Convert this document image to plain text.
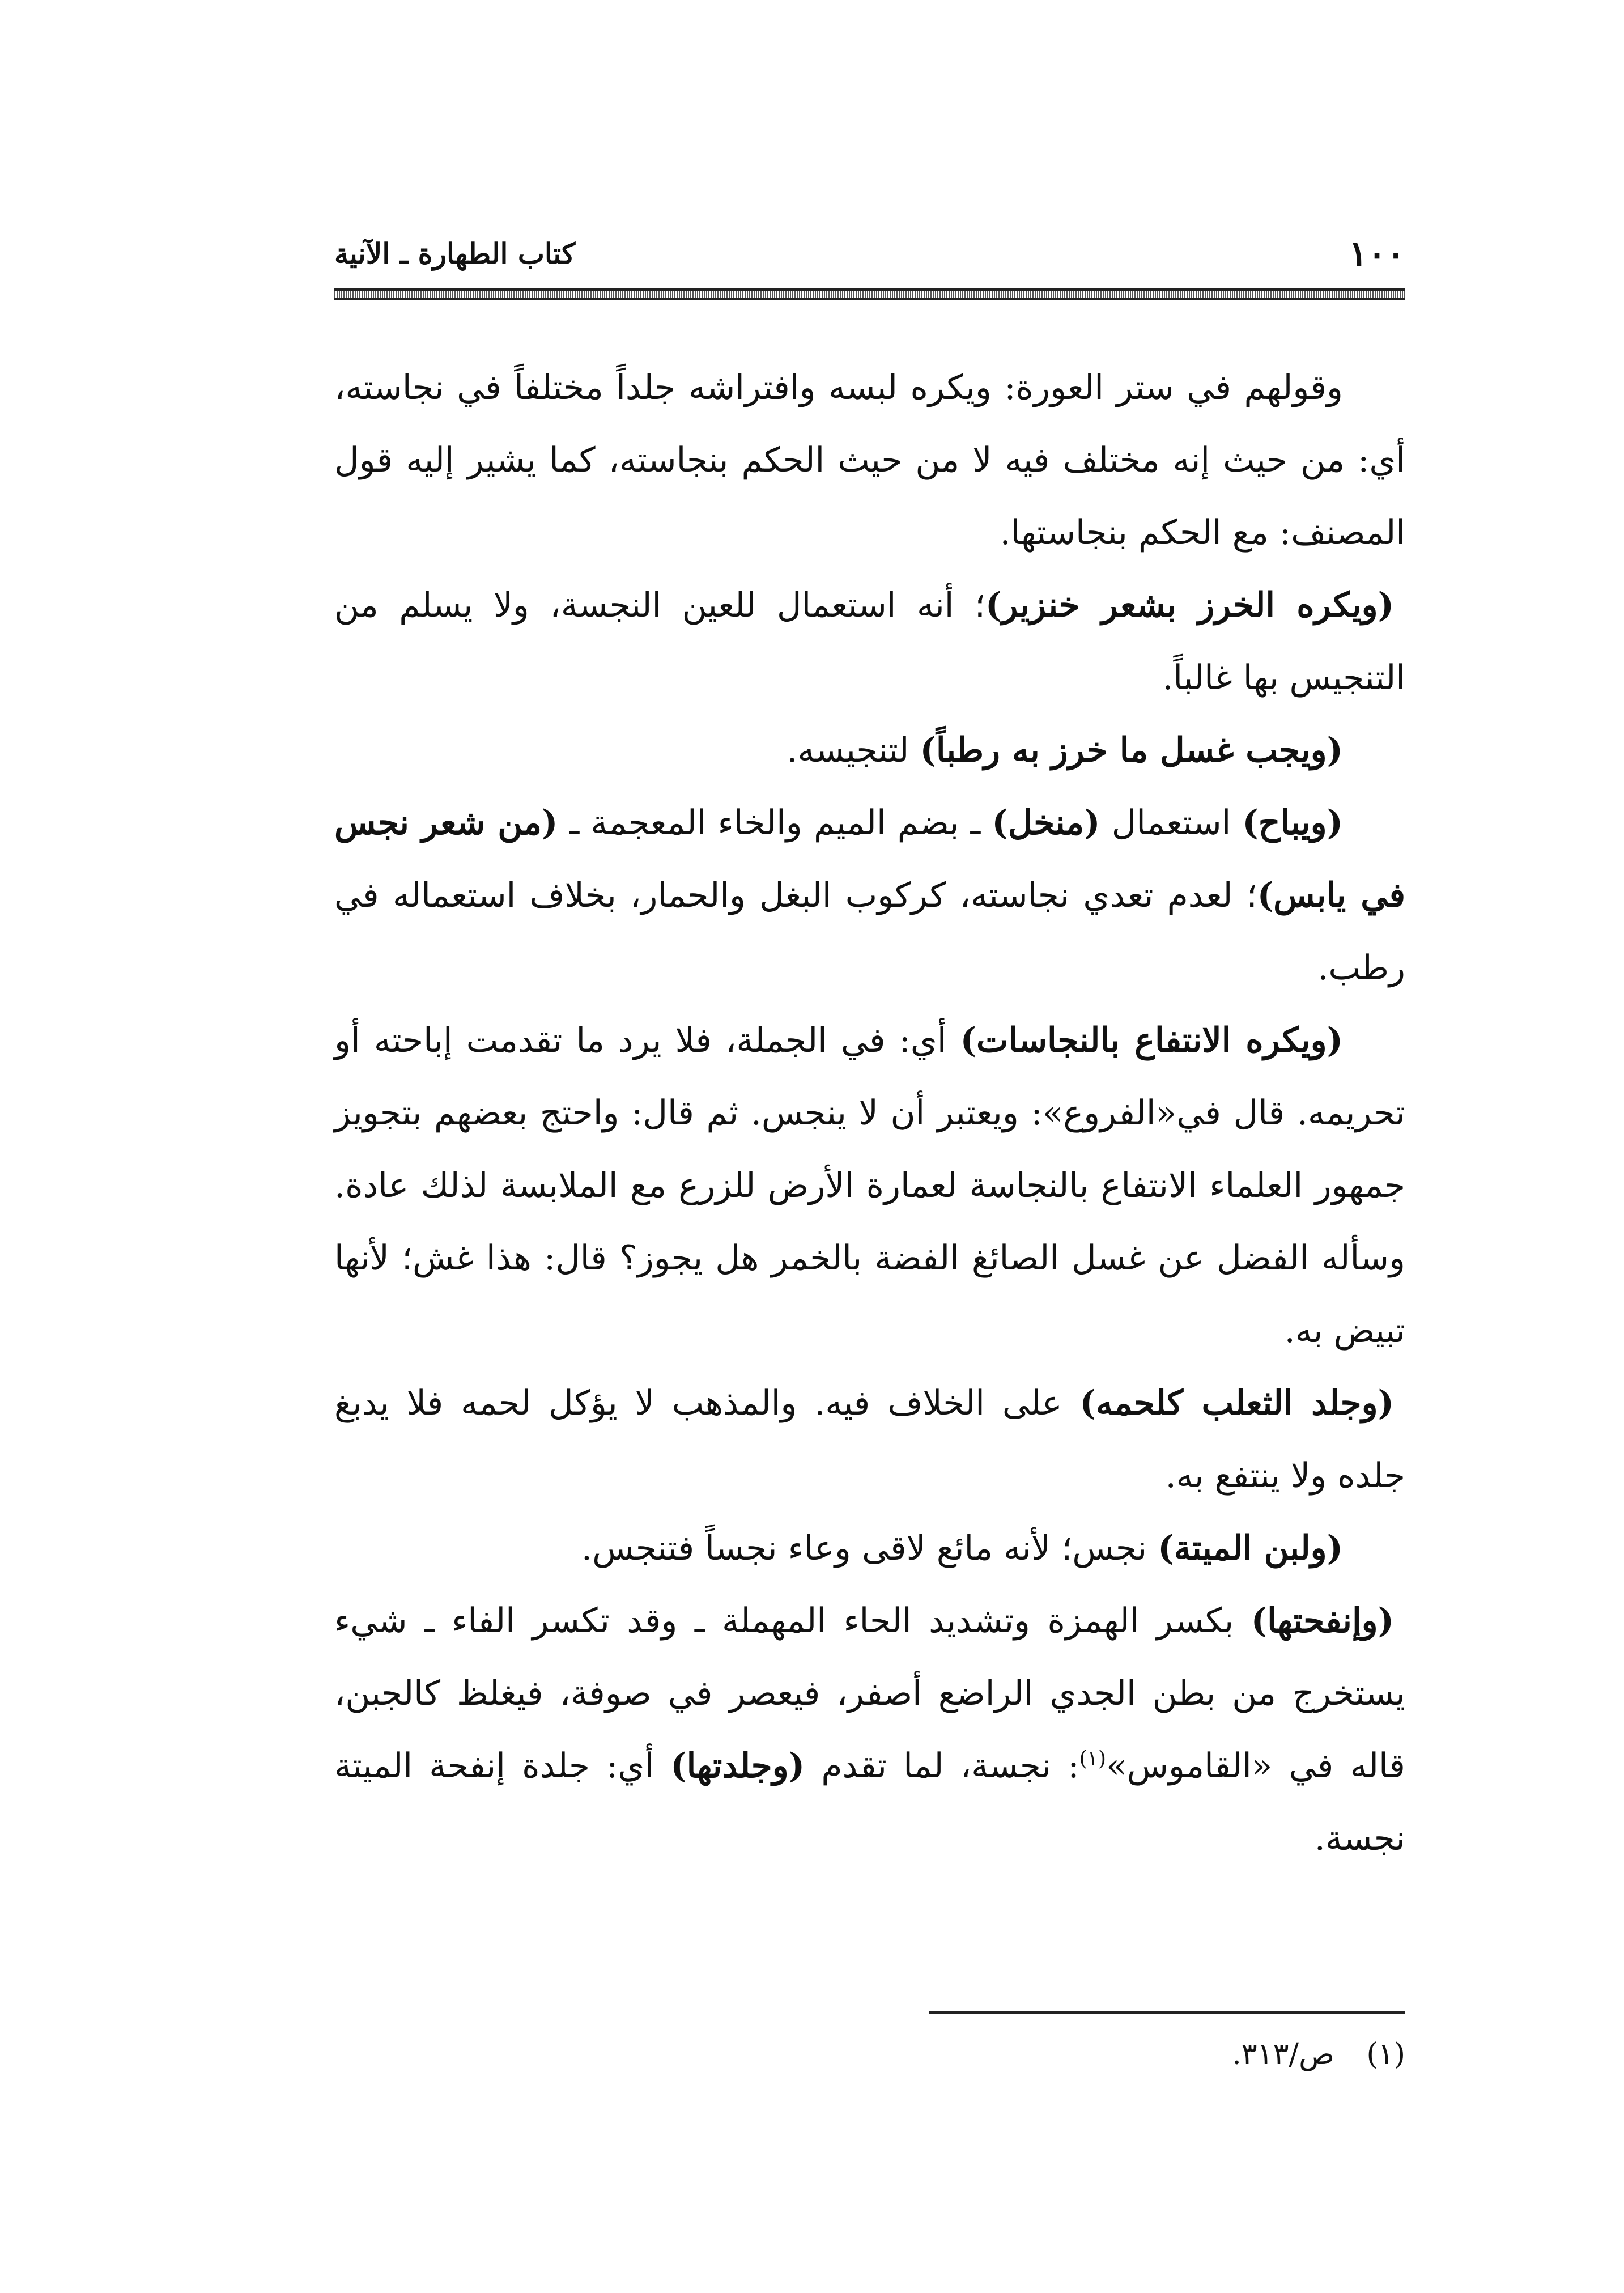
١٠٠
كتاب الطهارة ـ الآنية

وقولهم في ستر العورة: ويكره لبسه وافتراشه جلداً مختلفاً في نجاسته، أي: من حيث إنه مختلف فيه لا من حيث الحكم بنجاسته، كما يشير إليه قول المصنف: مع الحكم بنجاستها.

(ويكره الخرز بشعر خنزير)؛ أنه استعمال للعين النجسة، ولا يسلم من التنجيس بها غالباً.

(ويجب غسل ما خرز به رطباً) لتنجيسه.

(ويباح) استعمال (منخل) ـ بضم الميم والخاء المعجمة ـ (من شعر نجس في يابس)؛ لعدم تعدي نجاسته، كركوب البغل والحمار، بخلاف استعماله في رطب.

(ويكره الانتفاع بالنجاسات) أي: في الجملة، فلا يرد ما تقدمت إباحته أو تحريمه. قال في«الفروع»: ويعتبر أن لا ينجس. ثم قال: واحتج بعضهم بتجويز جمهور العلماء الانتفاع بالنجاسة لعمارة الأرض للزرع مع الملابسة لذلك عادة. وسأله الفضل عن غسل الصائغ الفضة بالخمر هل يجوز؟ قال: هذا غش؛ لأنها تبيض به.

(وجلد الثعلب كلحمه) على الخلاف فيه. والمذهب لا يؤكل لحمه فلا يدبغ جلده ولا ينتفع به.

(ولبن الميتة) نجس؛ لأنه مائع لاقى وعاء نجساً فتنجس.

(وإنفحتها) بكسر الهمزة وتشديد الحاء المهملة ـ وقد تكسر الفاء ـ شيء يستخرج من بطن الجدي الراضع أصفر، فيعصر في صوفة، فيغلظ كالجبن، قاله في «القاموس»$^{(١)}$: نجسة، لما تقدم (وجلدتها) أي: جلدة إنفحة الميتة نجسة.

(١) ص/٣١٣.
